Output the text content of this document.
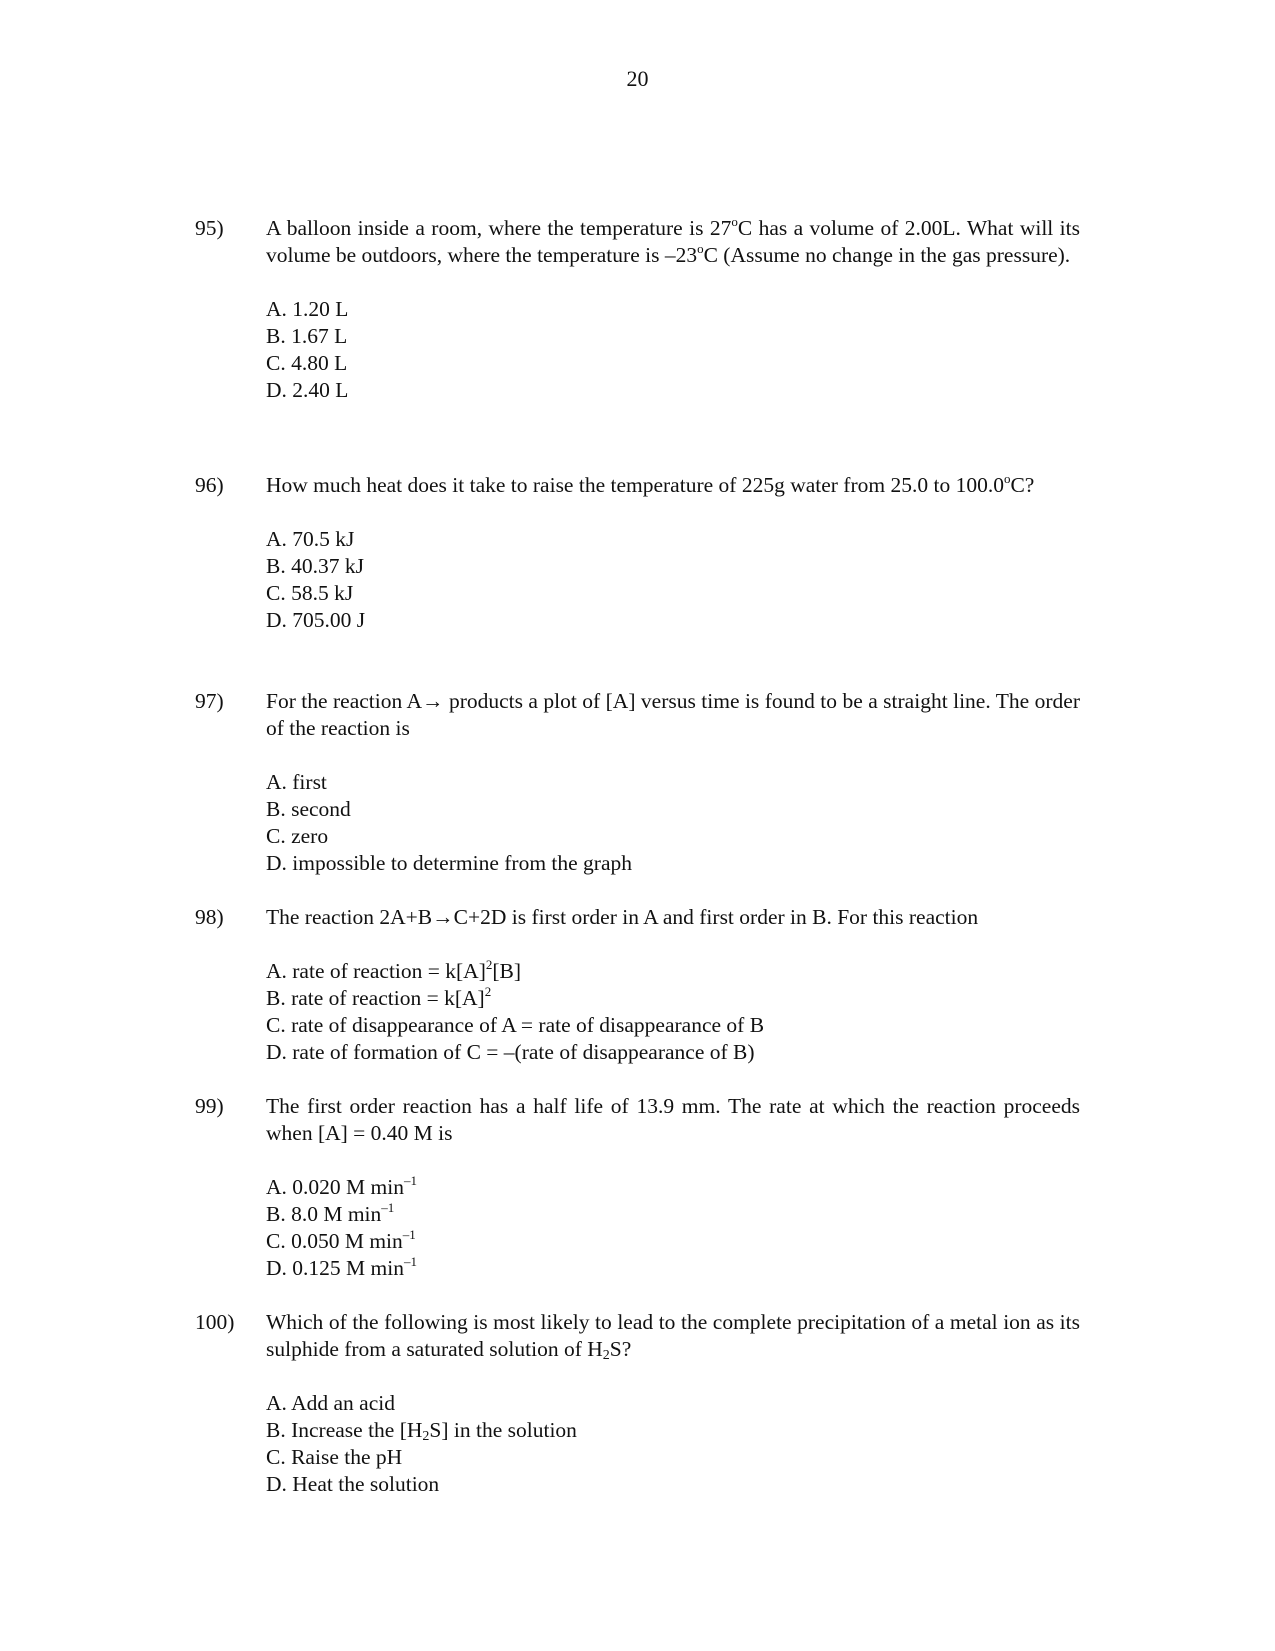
20
95)	A balloon inside a room, where the temperature is 27$^o$C has a volume of 2.00L. What will its volume be outdoors, where the temperature is –23$^o$C (Assume no change in the gas pressure).
A. 1.20 L
B. 1.67 L
C. 4.80 L
D. 2.40 L
96)	How much heat does it take to raise the temperature of 225g water from 25.0 to 100.0$^o$C?
A. 70.5 kJ
B. 40.37 kJ
C. 58.5 kJ
D. 705.00 J
97)	For the reaction A→ products a plot of [A] versus time is found to be a straight line. The order of the reaction is
A. first
B. second
C. zero
D. impossible to determine from the graph
98)	The reaction 2A+B→C+2D is first order in A and first order in B. For this reaction
A. rate of reaction = $k[A]^2[B]$
B. rate of reaction = $k[A]^2$
C. rate of disappearance of A = rate of disappearance of B
D. rate of formation of C = –(rate of disappearance of B)
99)	The first order reaction has a half life of 13.9 mm. The rate at which the reaction proceeds when [A] = 0.40 M is
A. 0.020 M $\min^{-1}$
B. 8.0 M $\min^{-1}$
C. 0.050 M $\min^{-1}$
D. 0.125 M $\min^{-1}$
100)	Which of the following is most likely to lead to the complete precipitation of a metal ion as its sulphide from a saturated solution of $H_2S$?
A. Add an acid
B. Increase the $[H_2S]$ in the solution
C. Raise the pH
D. Heat the solution
